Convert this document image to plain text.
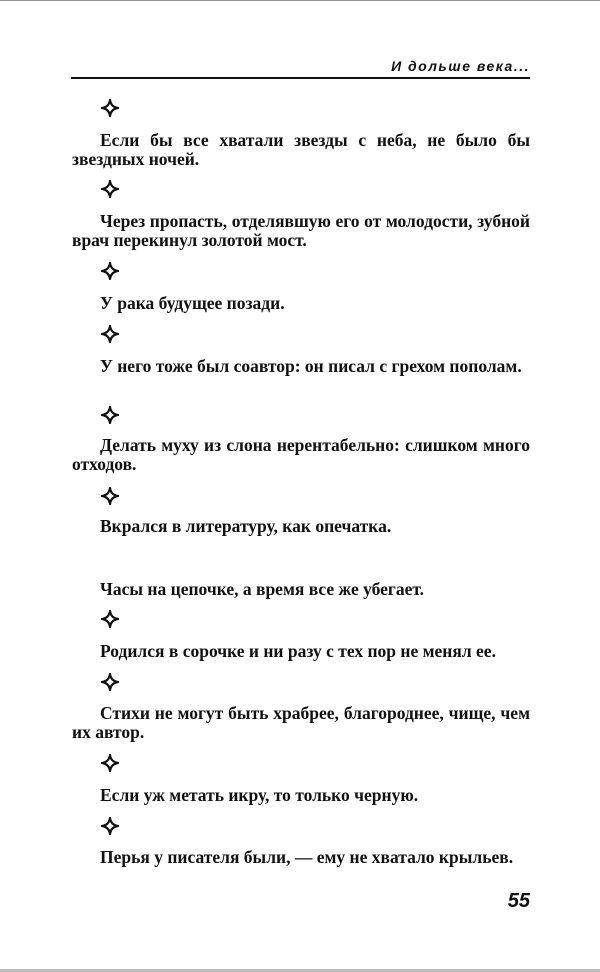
И дольше века...

Если бы все хватали звезды с неба, не было бы звездных ночей.

Через пропасть, отделявшую его от молодости, зубной врач перекинул золотой мост.

У рака будущее позади.

У него тоже был соавтор: он писал с грехом пополам.

Делать муху из слона нерентабельно: слишком много отходов.

Вкрался в литературу, как опечатка.

Часы на цепочке, а время все же убегает.

Родился в сорочке и ни разу с тех пор не менял ее.

Стихи не могут быть храбрее, благороднее, чище, чем их автор.

Если уж метать икру, то только черную.

Перья у писателя были, — ему не хватало крыльев.

55
